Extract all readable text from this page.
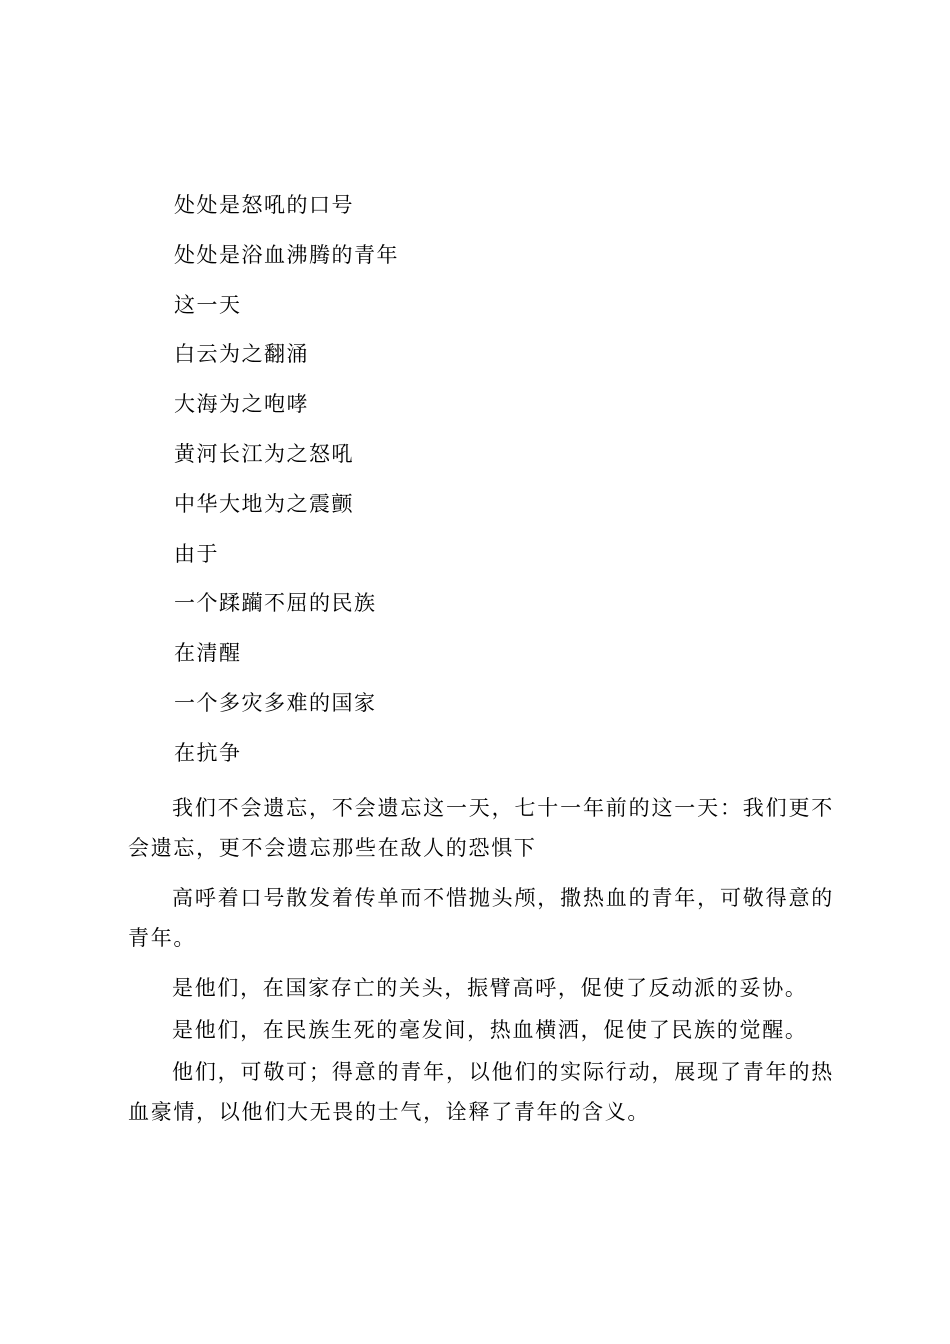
处处是怒吼的口号
处处是浴血沸腾的青年
这一天
白云为之翻涌
大海为之咆哮
黄河长江为之怒吼
中华大地为之震颤
由于
一个蹂躏不屈的民族
在清醒
一个多灾多难的国家
在抗争

我们不会遗忘，不会遗忘这一天，七十一年前的这一天：我们更不会遗忘，更不会遗忘那些在敌人的恐惧下

高呼着口号散发着传单而不惜抛头颅，撒热血的青年，可敬得意的青年。

是他们，在国家存亡的关头，振臂高呼，促使了反动派的妥协。

是他们，在民族生死的毫发间，热血横洒，促使了民族的觉醒。

他们，可敬可；得意的青年，以他们的实际行动，展现了青年的热血豪情，以他们大无畏的士气，诠释了青年的含义。
